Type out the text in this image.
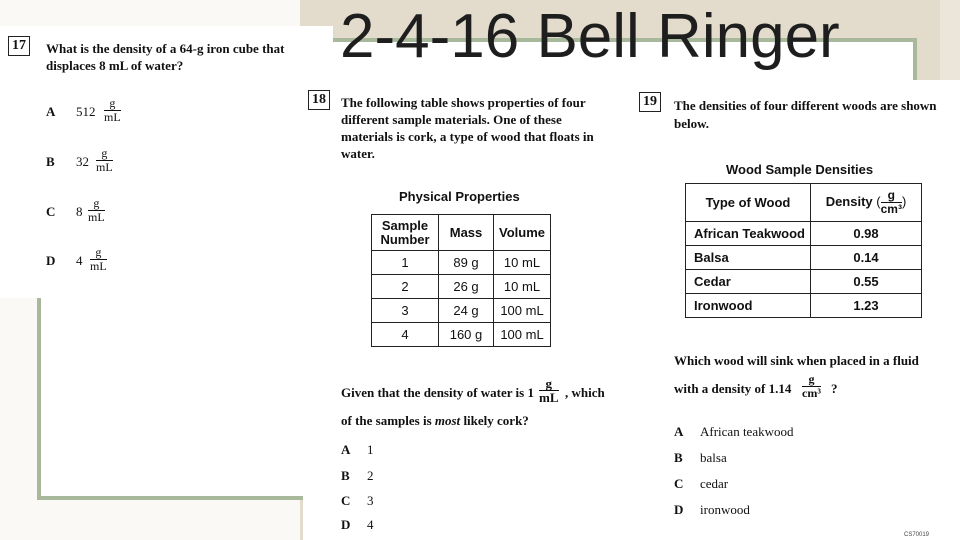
17	What is the density of a 64-g iron cube that
displaces 8 mL of water?
A $512 \frac{g}{mL}$
B $32 \frac{g}{mL}$
C $8 \frac{g}{mL}$
D $4 \frac{g}{mL}$
2-4-16 Bell Ringer
18	The following table shows properties of four
different sample materials. One of these
materials is cork, a type of wood that floats in
water.
Physical Properties
Sample Number	Mass	Volume
1	89 g	10 mL
2	26 g	10 mL
3	24 g	100 mL
4	160 g	100 mL
Given that the density of water is $1 \frac{g}{mL}$ , which
of the samples is most likely cork?
A 1
B 2
C 3
D 4
19	The densities of four different woods are shown
below.
Wood Sample Densities
Type of Wood	Density ( $\frac{g}{\text{cm³}}$ )
African Teakwood	0.98
Balsa	0.14
Cedar	0.55
Ironwood	1.23
Which wood will sink when placed in a fluid
with a density of $1.14 \frac{g}{\text{cm³}}$ ?
A African teakwood
B balsa
C cedar
D ironwood
CS70019
